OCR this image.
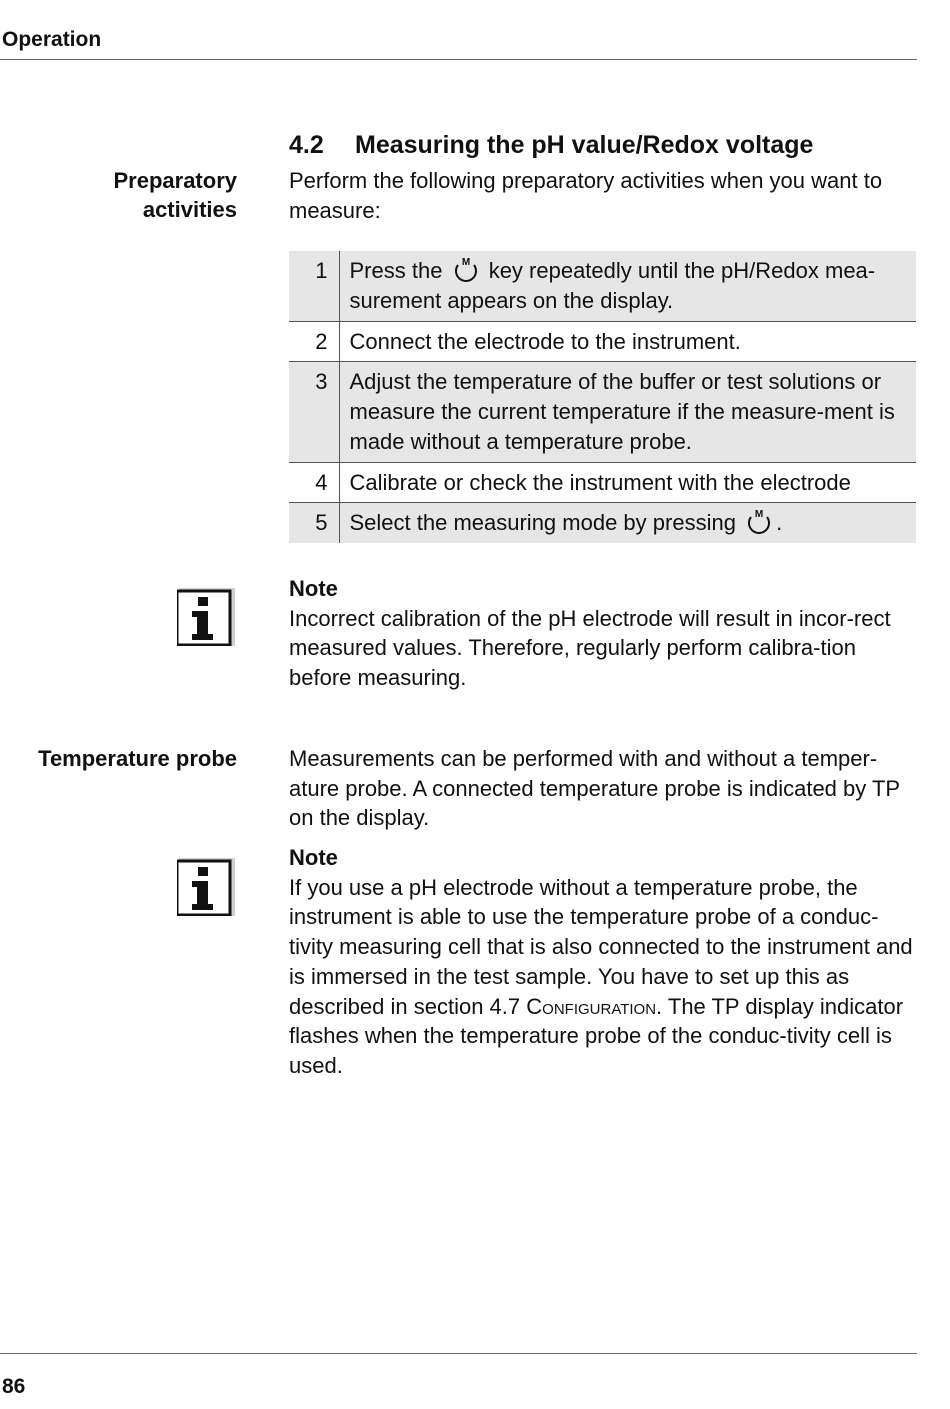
Operation
4.2 Measuring the pH value/Redox voltage
Preparatory
activities
Perform the following preparatory activities when you want to measure:
1	Press the M key repeatedly until the pH/Redox mea-surement appears on the display.
2	Connect the electrode to the instrument.
3	Adjust the temperature of the buffer or test solutions or measure the current temperature if the measure-ment is made without a temperature probe.
4	Calibrate or check the instrument with the electrode
5	Select the measuring mode by pressing M .
Note
Incorrect calibration of the pH electrode will result in incor-rect measured values. Therefore, regularly perform calibra-tion before measuring.
Temperature probe Measurements can be performed with and without a temper-ature probe. A connected temperature probe is indicated by TP on the display.
Note
If you use a pH electrode without a temperature probe, the instrument is able to use the temperature probe of a conduc-tivity measuring cell that is also connected to the instrument and is immersed in the test sample. You have to set up this as described in section 4.7 Configuration. The TP display indicator flashes when the temperature probe of the conduc-tivity cell is used.
86
